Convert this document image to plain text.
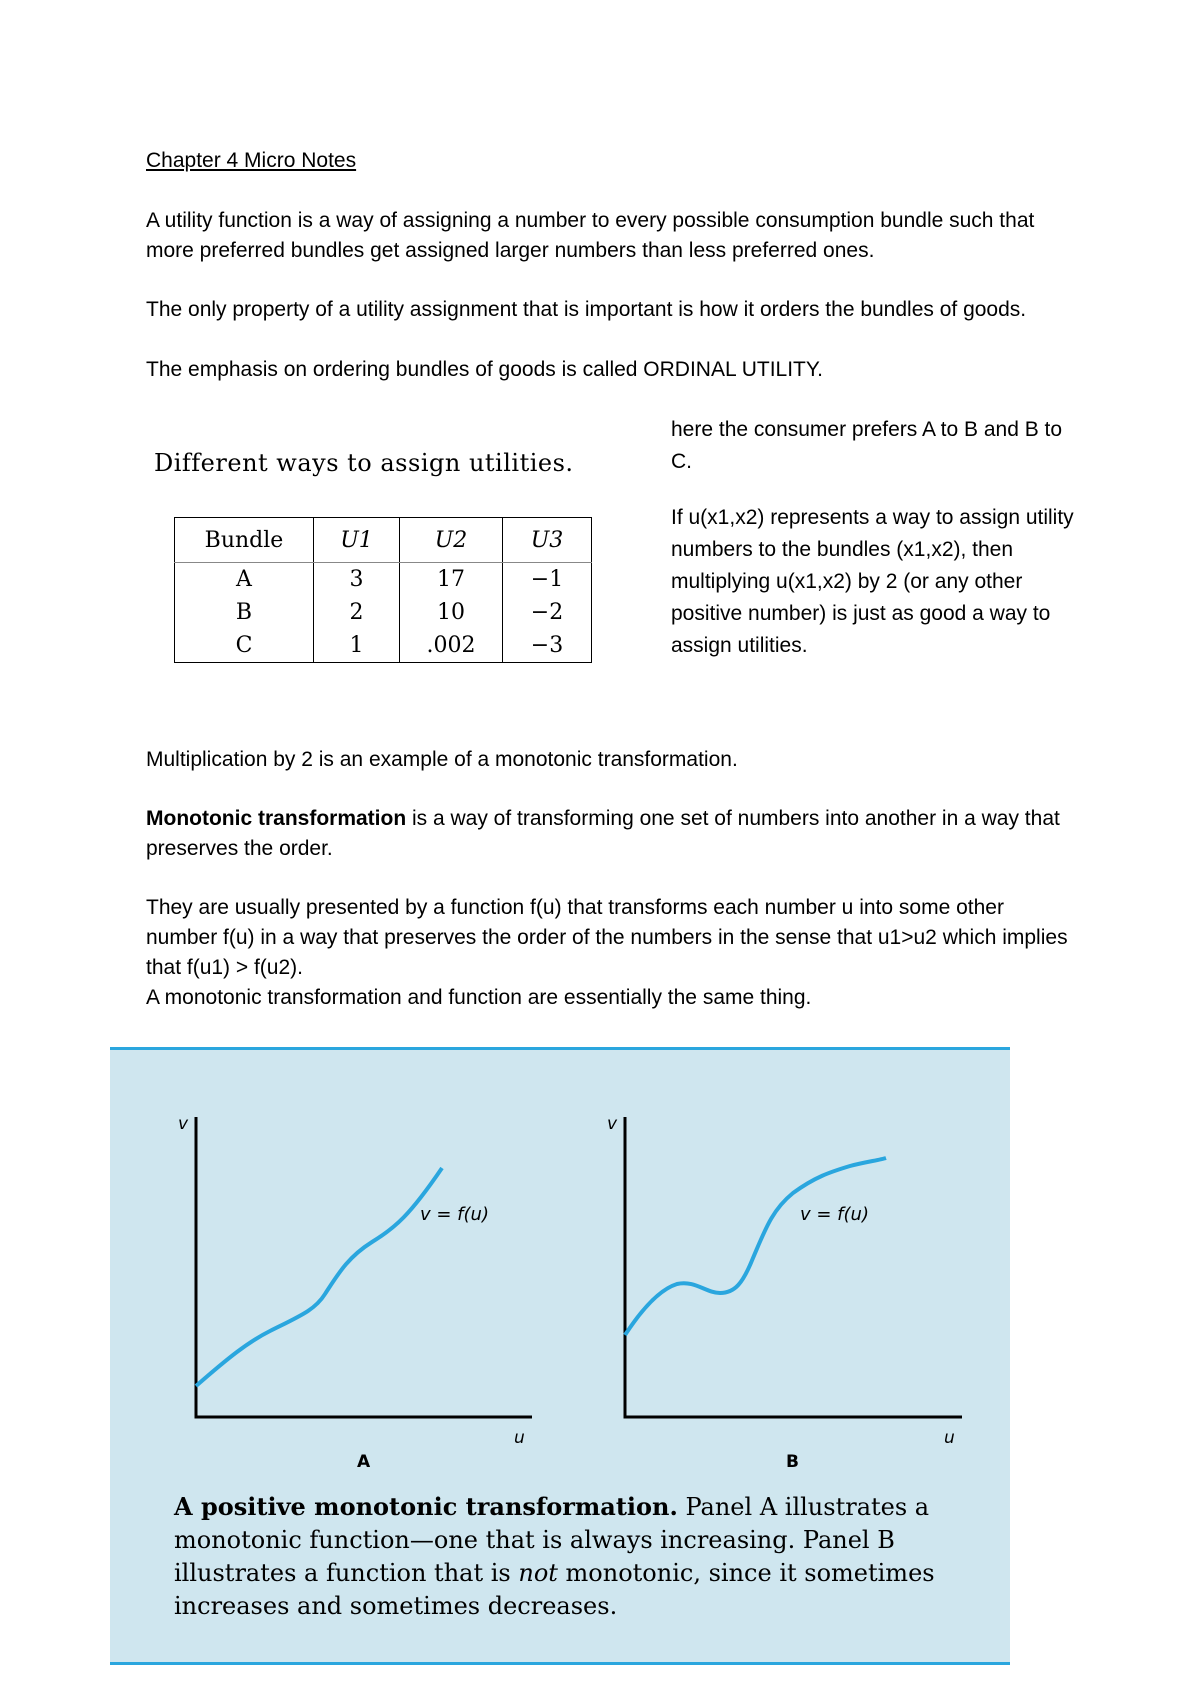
Chapter 4 Micro Notes

A utility function is a way of assigning a number to every possible consumption bundle such that more preferred bundles get assigned larger numbers than less preferred ones.

The only property of a utility assignment that is important is how it orders the bundles of goods.

The emphasis on ordering bundles of goods is called ORDINAL UTILITY.

Different ways to assign utilities.
Bundle	U1	U2	U3
A	3	17	−1
B	2	10	−2
C	1	.002	−3

here the consumer prefers A to B and B to C.

If u(x1,x2) represents a way to assign utility numbers to the bundles (x1,x2), then multiplying u(x1,x2) by 2 (or any other positive number) is just as good a way to assign utilities.

Multiplication by 2 is an example of a monotonic transformation.

Monotonic transformation is a way of transforming one set of numbers into another in a way that preserves the order.

They are usually presented by a function f(u) that transforms each number u into some other number f(u) in a way that preserves the order of the numbers in the sense that u1>u2 which implies that f(u1) > f(u2).

A monotonic transformation and function are essentially the same thing.

v
v = f(u)
u
A
v
v = f(u)
u
B
A positive monotonic transformation. Panel A illustrates a monotonic function—one that is always increasing. Panel B illustrates a function that is not monotonic, since it sometimes increases and sometimes decreases.
